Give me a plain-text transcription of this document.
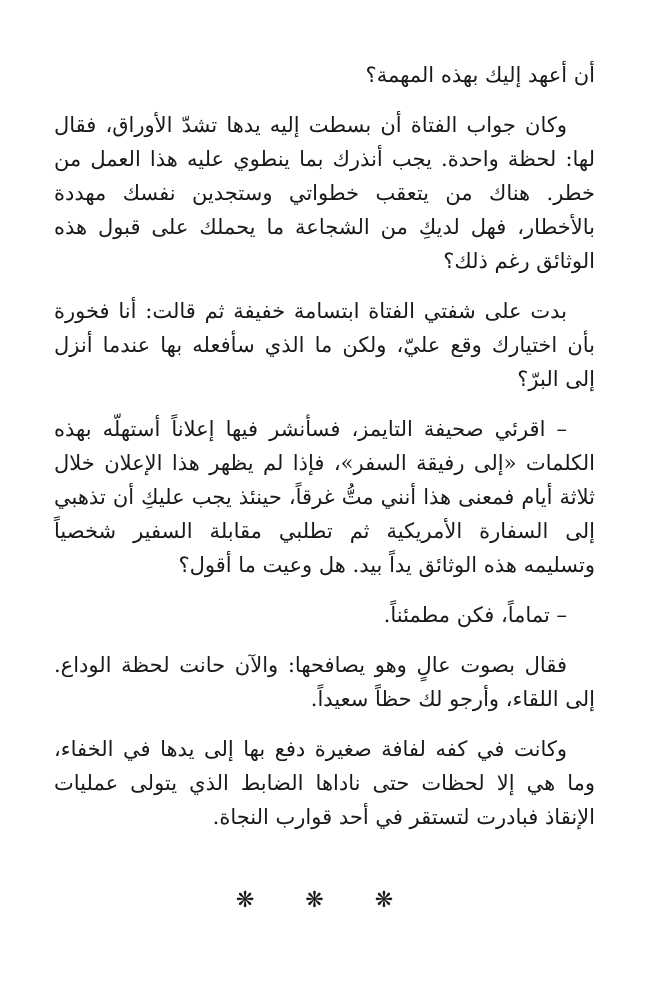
أن أعهد إليك بهذه المهمة؟

وكان جواب الفتاة أن بسطت إليه يدها تشدّ الأوراق، فقال لها: لحظة واحدة. يجب أنذرك بما ينطوي عليه هذا العمل من خطر. هناك من يتعقب خطواتي وستجدين نفسك مهددة بالأخطار، فهل لديكِ من الشجاعة ما يحملك على قبول هذه الوثائق رغم ذلك؟

بدت على شفتي الفتاة ابتسامة خفيفة ثم قالت: أنا فخورة بأن اختيارك وقع عليّ، ولكن ما الذي سأفعله بها عندما أنزل إلى البرّ؟

– اقرئي صحيفة التايمز، فسأنشر فيها إعلاناً أستهلّه بهذه الكلمات «إلى رفيقة السفر»، فإذا لم يظهر هذا الإعلان خلال ثلاثة أيام فمعنى هذا أنني متُّ غرقاً، حينئذ يجب عليكِ أن تذهبي إلى السفارة الأمريكية ثم تطلبي مقابلة السفير شخصياً وتسليمه هذه الوثائق يداً بيد. هل وعيت ما أقول؟

– تماماً، فكن مطمئناً.

فقال بصوت عالٍ وهو يصافحها: والآن حانت لحظة الوداع. إلى اللقاء، وأرجو لك حظاً سعيداً.

وكانت في كفه لفافة صغيرة دفع بها إلى يدها في الخفاء، وما هي إلا لحظات حتى ناداها الضابط الذي يتولى عمليات الإنقاذ فبادرت لتستقر في أحد قوارب النجاة.

❋ ❋ ❋
